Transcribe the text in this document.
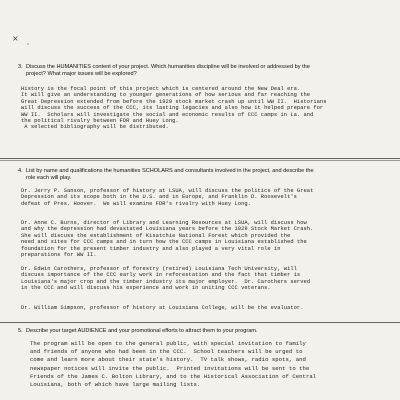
×
'
3. Discuss the HUMANITIES content of your project. Which humanities discipline will be involved or addressed by the
project? What major issues will be explored?
History is the focal point of this project which is centered around the New Deal era.
It will give an understanding to younger generations of how serious and far reaching the
Great Depression extended from before the 1929 stock market crash up until WW II.  Historians
will discuss the success of the CCC, its lasting legacies and also how it helped prepare for
WW II.  Scholars will investigate the social and economic results of CCC camps in La. and
the political rivalry between FDR and Huey Long.
A selected bibliography will be distributed.
4. List by name and qualifications the humanities SCHOLARS and consultants involved in the project, and describe the
role each will play.
Dr. Jerry P. Sanson, professor of history at LSUA, will discuss the politics of the Great
Depression and its scope both in the U.S. and in Europe, and Franklin D. Roosevelt's
defeat of Pres. Hoover.  We will examine FDR's rivalry with Huey Long.
Dr. Anne C. Burns, director of Library and Learning Resources at LSUA, will discuss how
and why the depression had devastated Louisiana years before the 1929 Stock Market Crash.
She will discuss the establishment of Kisatchie National Forest which provided the
need and sites for CCC camps and in turn how the CCC camps in Louisiana established the
foundation for the present timber industry and also played a very vital role in
preparations for WW II.
Dr. Edwin Carothers, professor of forestry (retired) Louisiana Tech University, will
discuss importance of the CCC early work in reforestation and the fact that timber is
Louisiana's major crop and the timber industry its major employer.  Dr. Carothers served
in the CCC and will discuss his experience and work in uniting CCC veterans.
Dr. William Simpson, professor of history at Louisiana College, will be the evaluator.
5. Describe your target AUDIENCE and your promotional efforts to attract them to your program.
The program will be open to the general public, with special invitation to family
and friends of anyone who had been in the CCC.  School teachers will be urged to
come and learn more about their state's history.  TV talk shows, radio spots, and
newspaper notices will invite the public.  Printed invitations will be sent to the
Friends of the James C. Bolton Library, and to the Historical Association of Central
Louisiana, both of which have large mailing lists.
